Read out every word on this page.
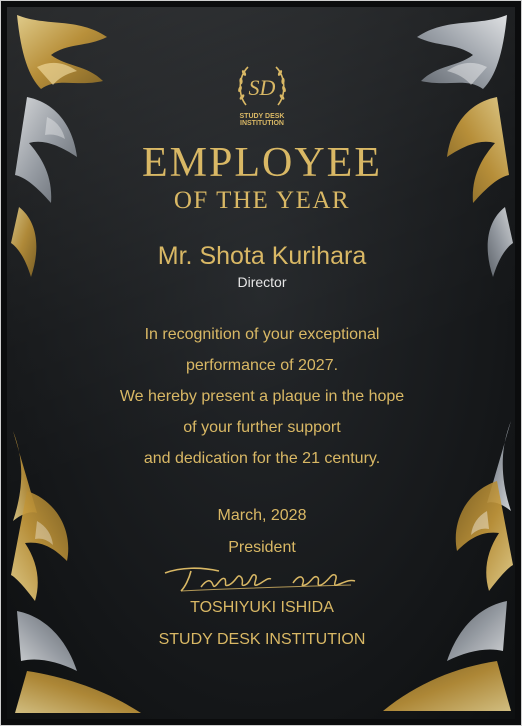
SD
STUDY DESK
INSTITUTION
EMPLOYEE
OF THE YEAR
Mr. Shota Kurihara
Director
In recognition of your exceptional
performance of 2027.
We hereby present a plaque in the hope
of your further support
and dedication for the 21 century.
March, 2028
President
TOSHIYUKI ISHIDA
STUDY DESK INSTITUTION
